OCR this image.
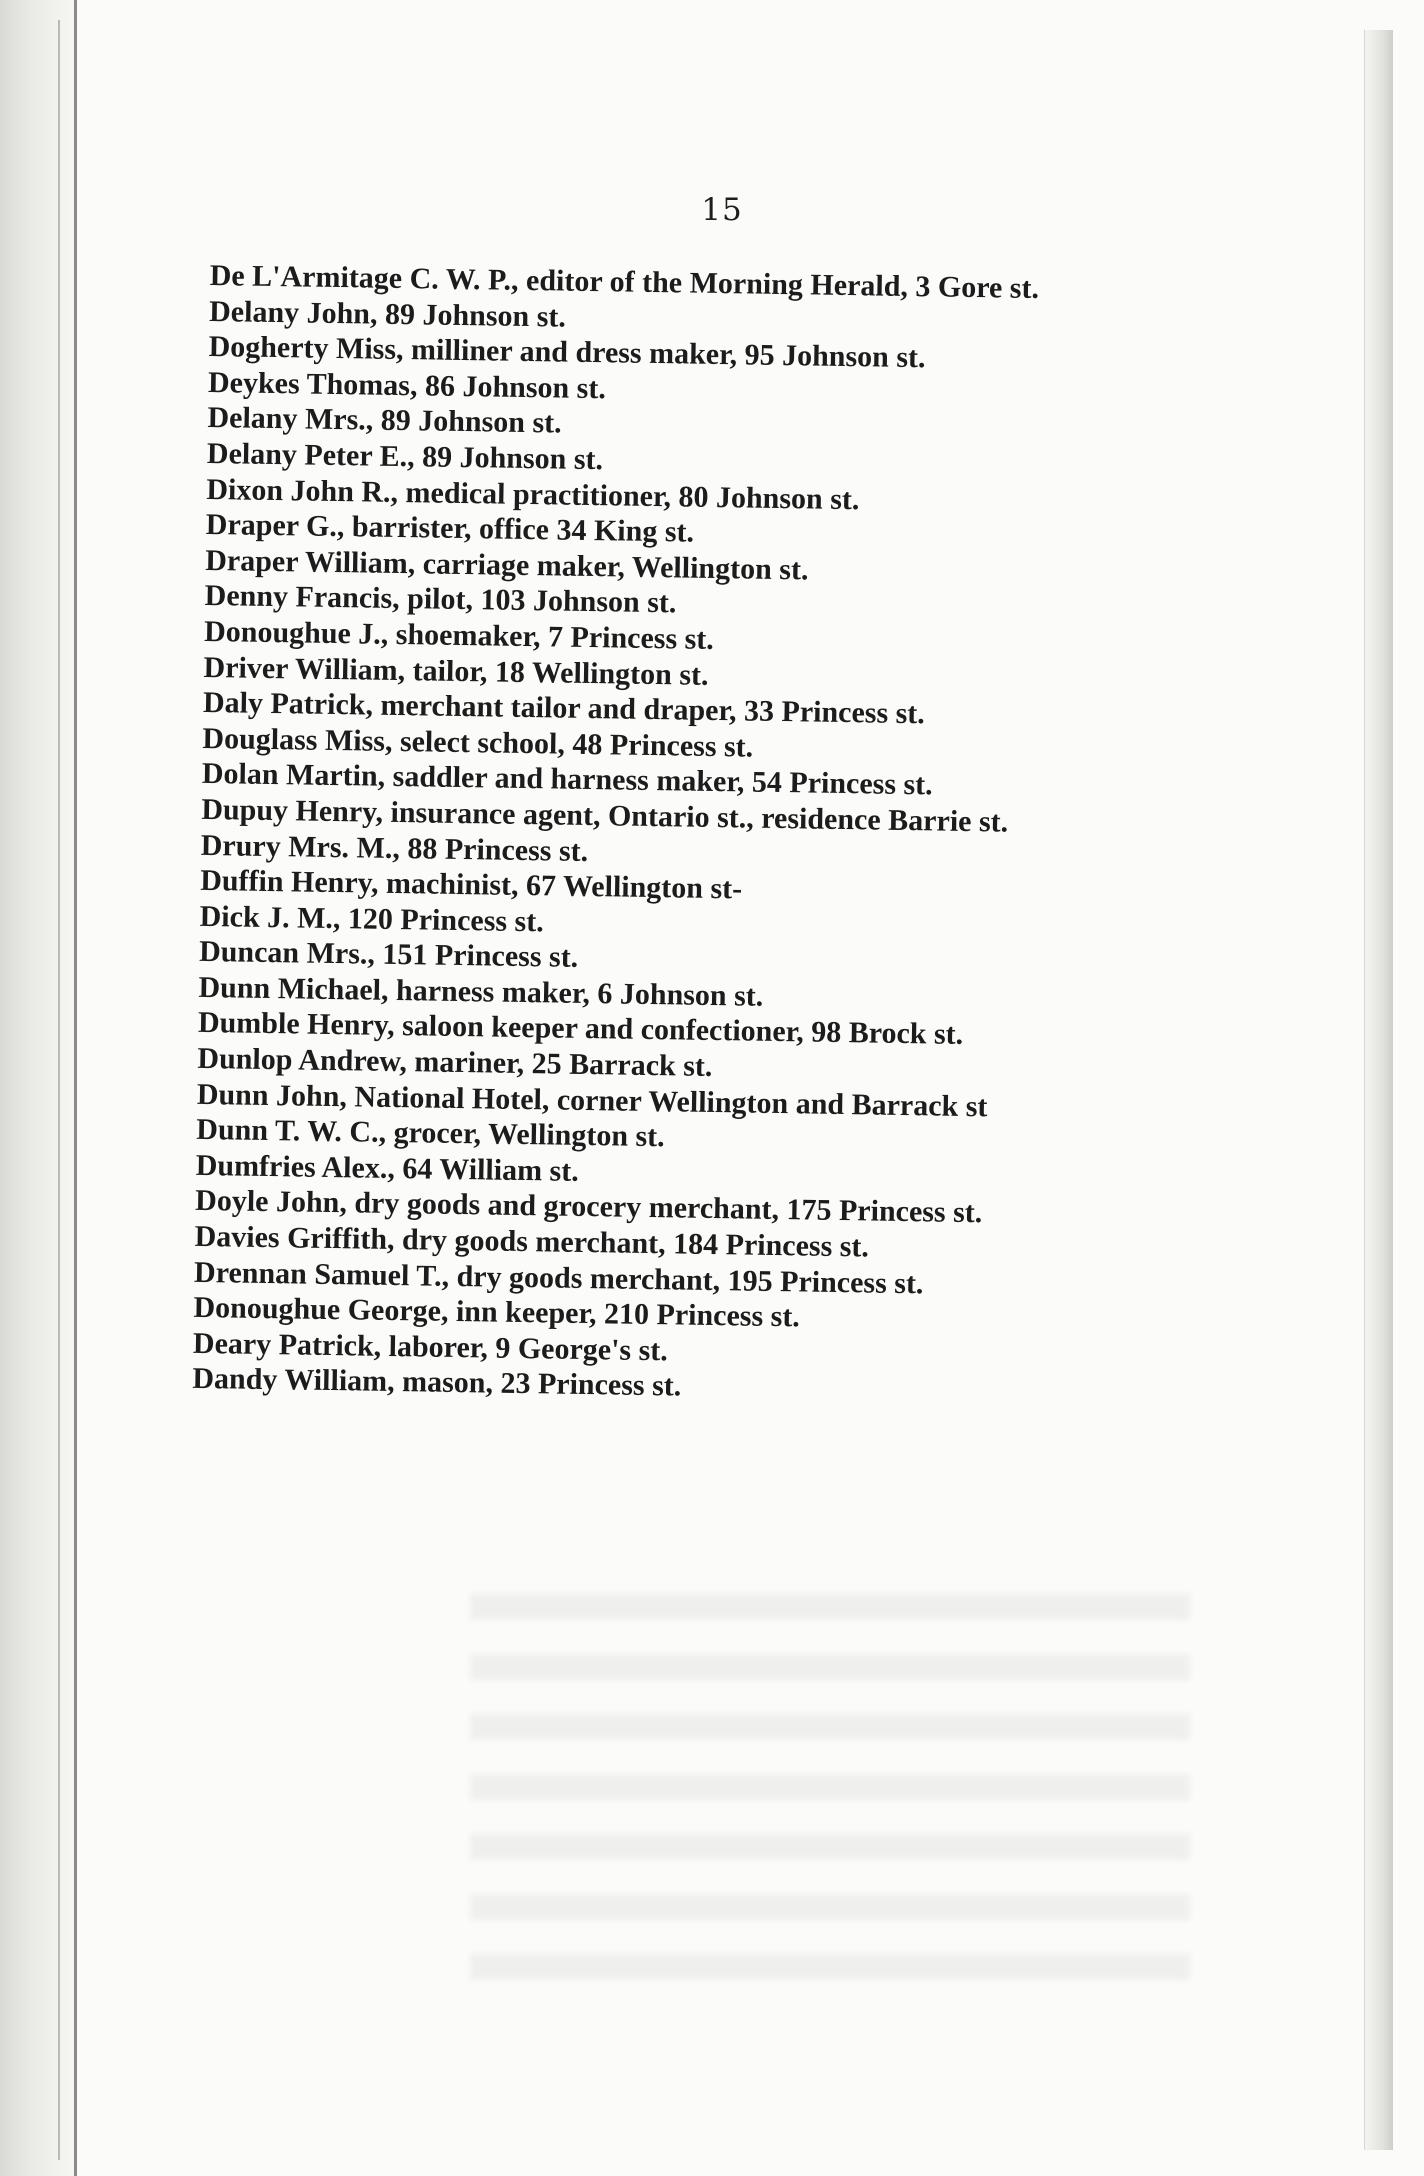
15
De L'Armitage C. W. P., editor of the Morning Herald, 3 Gore st.
Delany John, 89 Johnson st.
Dogherty Miss, milliner and dress maker, 95 Johnson st.
Deykes Thomas, 86 Johnson st.
Delany Mrs., 89 Johnson st.
Delany Peter E., 89 Johnson st.
Dixon John R., medical practitioner, 80 Johnson st.
Draper G., barrister, office 34 King st.
Draper William, carriage maker, Wellington st.
Denny Francis, pilot, 103 Johnson st.
Donoughue J., shoemaker, 7 Princess st.
Driver William, tailor, 18 Wellington st.
Daly Patrick, merchant tailor and draper, 33 Princess st.
Douglass Miss, select school, 48 Princess st.
Dolan Martin, saddler and harness maker, 54 Princess st.
Dupuy Henry, insurance agent, Ontario st., residence Barrie st.
Drury Mrs. M., 88 Princess st.
Duffin Henry, machinist, 67 Wellington st-
Dick J. M., 120 Princess st.
Duncan Mrs., 151 Princess st.
Dunn Michael, harness maker, 6 Johnson st.
Dumble Henry, saloon keeper and confectioner, 98 Brock st.
Dunlop Andrew, mariner, 25 Barrack st.
Dunn John, National Hotel, corner Wellington and Barrack st
Dunn T. W. C., grocer, Wellington st.
Dumfries Alex., 64 William st.
Doyle John, dry goods and grocery merchant, 175 Princess st.
Davies Griffith, dry goods merchant, 184 Princess st.
Drennan Samuel T., dry goods merchant, 195 Princess st.
Donoughue George, inn keeper, 210 Princess st.
Deary Patrick, laborer, 9 George's st.
Dandy William, mason, 23 Princess st.
